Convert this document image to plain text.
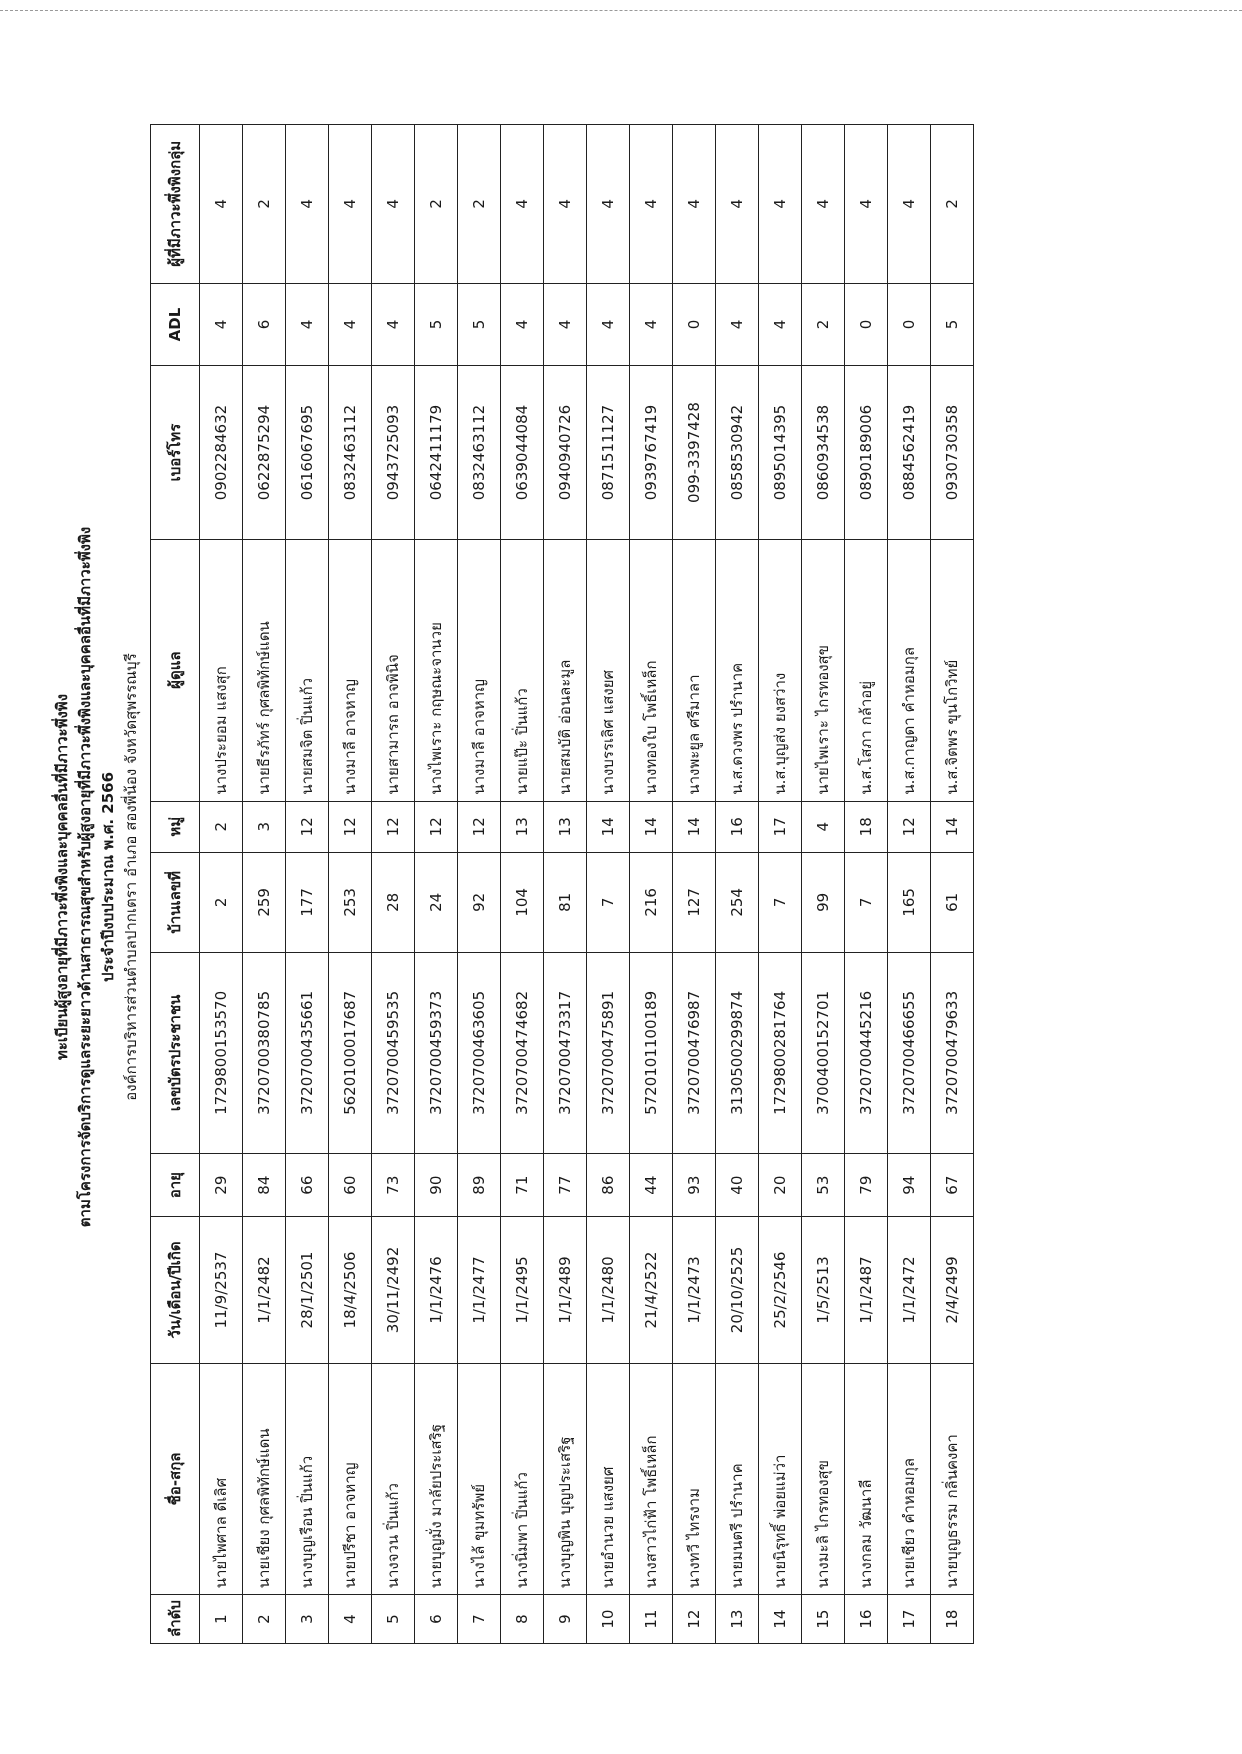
ทะเบียนผู้สูงอายุที่มีภาวะพึ่งพิงและบุคคลอื่นที่มีภาวะพึ่งพิง ตามโครงการจัดบริการดูแลระยะยาวด้านสาธารณสุขสำหรับผู้สูงอายุที่มีภาวะพึ่งพิงและบุคคลอื่นที่มีภาวะพึ่งพิง ประจำปีงบประมาณ พ.ศ. 2566 องค์การบริหารส่วนตำบลปากเตรา อำเภอ สองพี่น้อง จังหวัดสุพรรณบุรี
ลำดับ	ชื่อ-สกุล	วัน/เดือน/ปีเกิด	อายุ	เลขบัตรประชาชน	บ้านเลขที่	หมู่	ผู้ดูแล	เบอร์โทร	ADL	ผู้ที่มีภาวะพึ่งพิงกลุ่ม
1	นายไพศาล ดีเลิศ	11/9/2537	29	1729800153570	2	2	นางประยอม แสงสุก	0902284632	4	4
2	นายเชียง กุศลพิทักษ์แดน	1/1/2482	84	3720700380785	259	3	นายธีรภัทร์ กุศลพิทักษ์แดน	0622875294	6	2
3	นางบุญเรือน ปิ่นแก้ว	28/1/2501	66	3720700435661	177	12	นายสมจิต ปิ่นแก้ว	0616067695	4	4
4	นายปรีชา อาจหาญ	18/4/2506	60	5620100017687	253	12	นางมาลี อาจหาญ	0832463112	4	4
5	นางจวน ปิ่นแก้ว	30/11/2492	73	3720700459535	28	12	นายสามารถ อาจพินิจ	0943725093	4	4
6	นายบุญมั่ง มาลัยประเสริฐ	1/1/2476	90	3720700459373	24	12	นางไพเราะ กฤษณะจานวย	0642411179	5	2
7	นางไล้ ขุมทรัพย์	1/1/2477	89	3720700463605	92	12	นางมาลี อาจหาญ	0832463112	5	2
8	นางนิ่มพา ปิ่นแก้ว	1/1/2495	71	3720700474682	104	13	นายแป๊ะ ปิ่นแก้ว	0639044084	4	4
9	นางบุญพิน บุญประเสริฐ	1/1/2489	77	3720700473317	81	13	นายสมบัติ อ่อนละมูล	0940940726	4	4
10	นายอำนวย แสงยศ	1/1/2480	86	3720700475891	7	14	นางบรรเลิศ แสงยศ	0871511127	4	4
11	นางสาวไก่ฟ้า โพธิ์เหล็ก	21/4/2522	44	5720101100189	216	14	นางทองใบ โพธิ์เหล็ก	0939767419	4	4
12	นางทวี ไทรงาม	1/1/2473	93	3720700476987	127	14	นางพะยูล ศรีมาลา	099-3397428	0	4
13	นายมนตรี ปรำนาค	20/10/2525	40	3130500299874	254	16	น.ส.ดวงพร ปรำนาค	0858530942	4	4
14	นายนิรุทธิ์ พ่อยแม่ว่า	25/2/2546	20	1729800281764	7	17	น.ส.บุญส่ง ยงสว่าง	0895014395	4	4
15	นางมะลิ ไกรทองสุข	1/5/2513	53	3700400152701	99	4	นายไพเราะ ไกรทองสุข	0860934538	2	4
16	นางกลม วัฒนาลี	1/1/2487	79	3720700445216	7	18	น.ส.โสภา กล้าอยู่	0890189006	0	4
17	นายเชียว คำหอมกุล	1/1/2472	94	3720700466655	165	12	น.ส.กาญดา คำหอมกุล	0884562419	0	4
18	นายบุญธรรม กลิ่นคงคา	2/4/2499	67	3720700479633	61	14	น.ส.จิตพร ขุนโกวิทย์	0930730358	5	2
